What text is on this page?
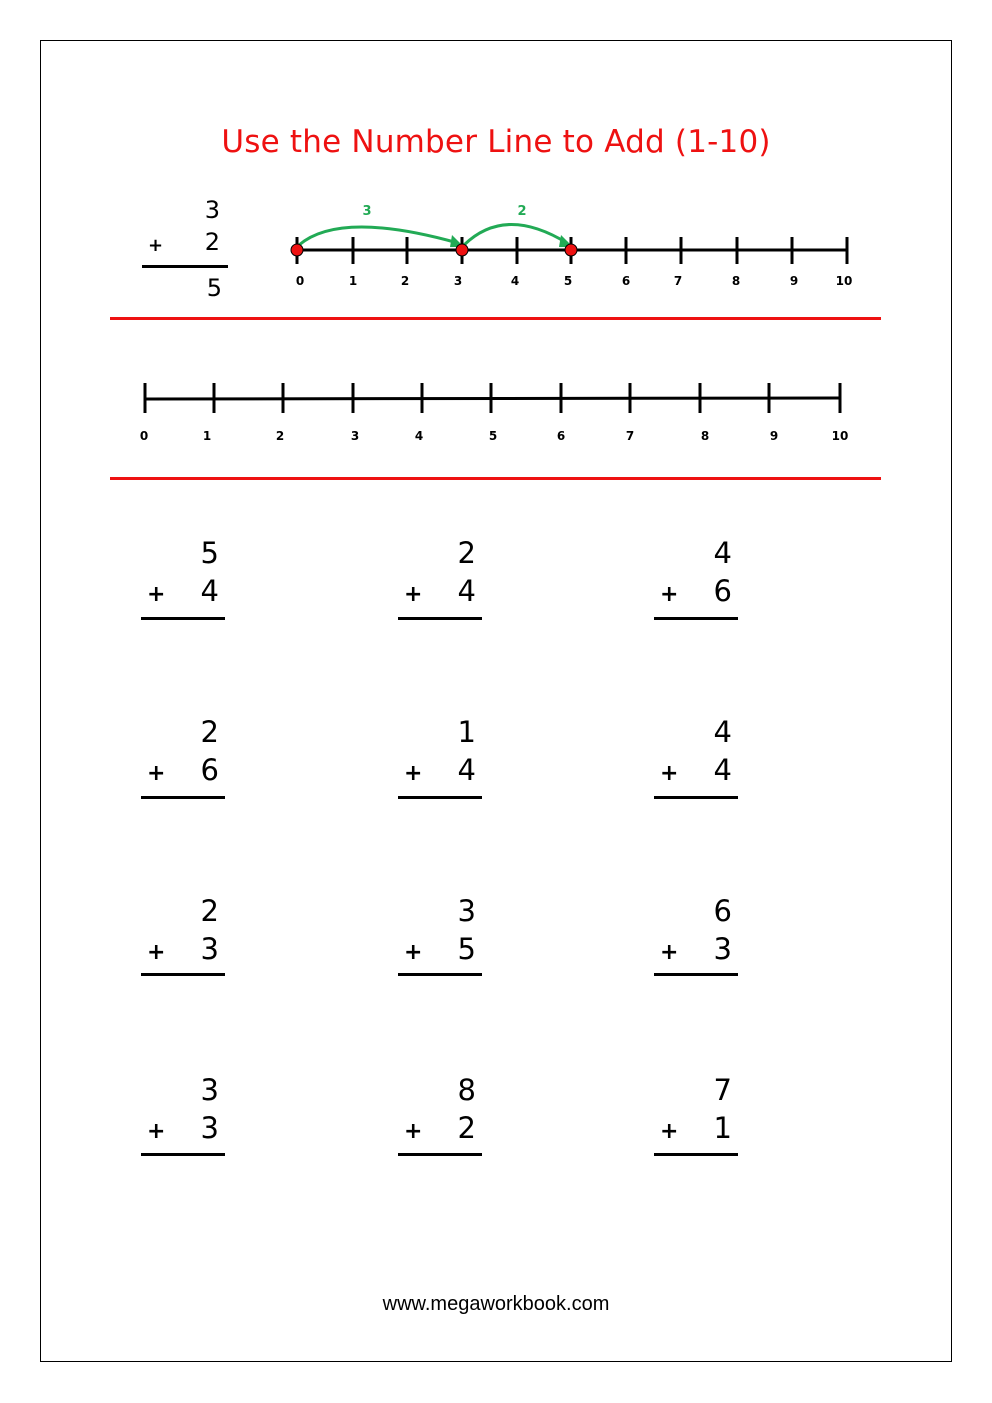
Use the Number Line to Add (1-10)
3
+ 2
5
3	2
0	1	2	3	4	5	6	7	8	9	10
0	1	2	3	4	5	6	7	8	9	10
5
+ 4
2
+ 4
4
+ 6
2
+ 6
1
+ 4
4
+ 4
2
+ 3
3
+ 5
6
+ 3
3
+ 3
8
+ 2
7
+ 1
www.megaworkbook.com
